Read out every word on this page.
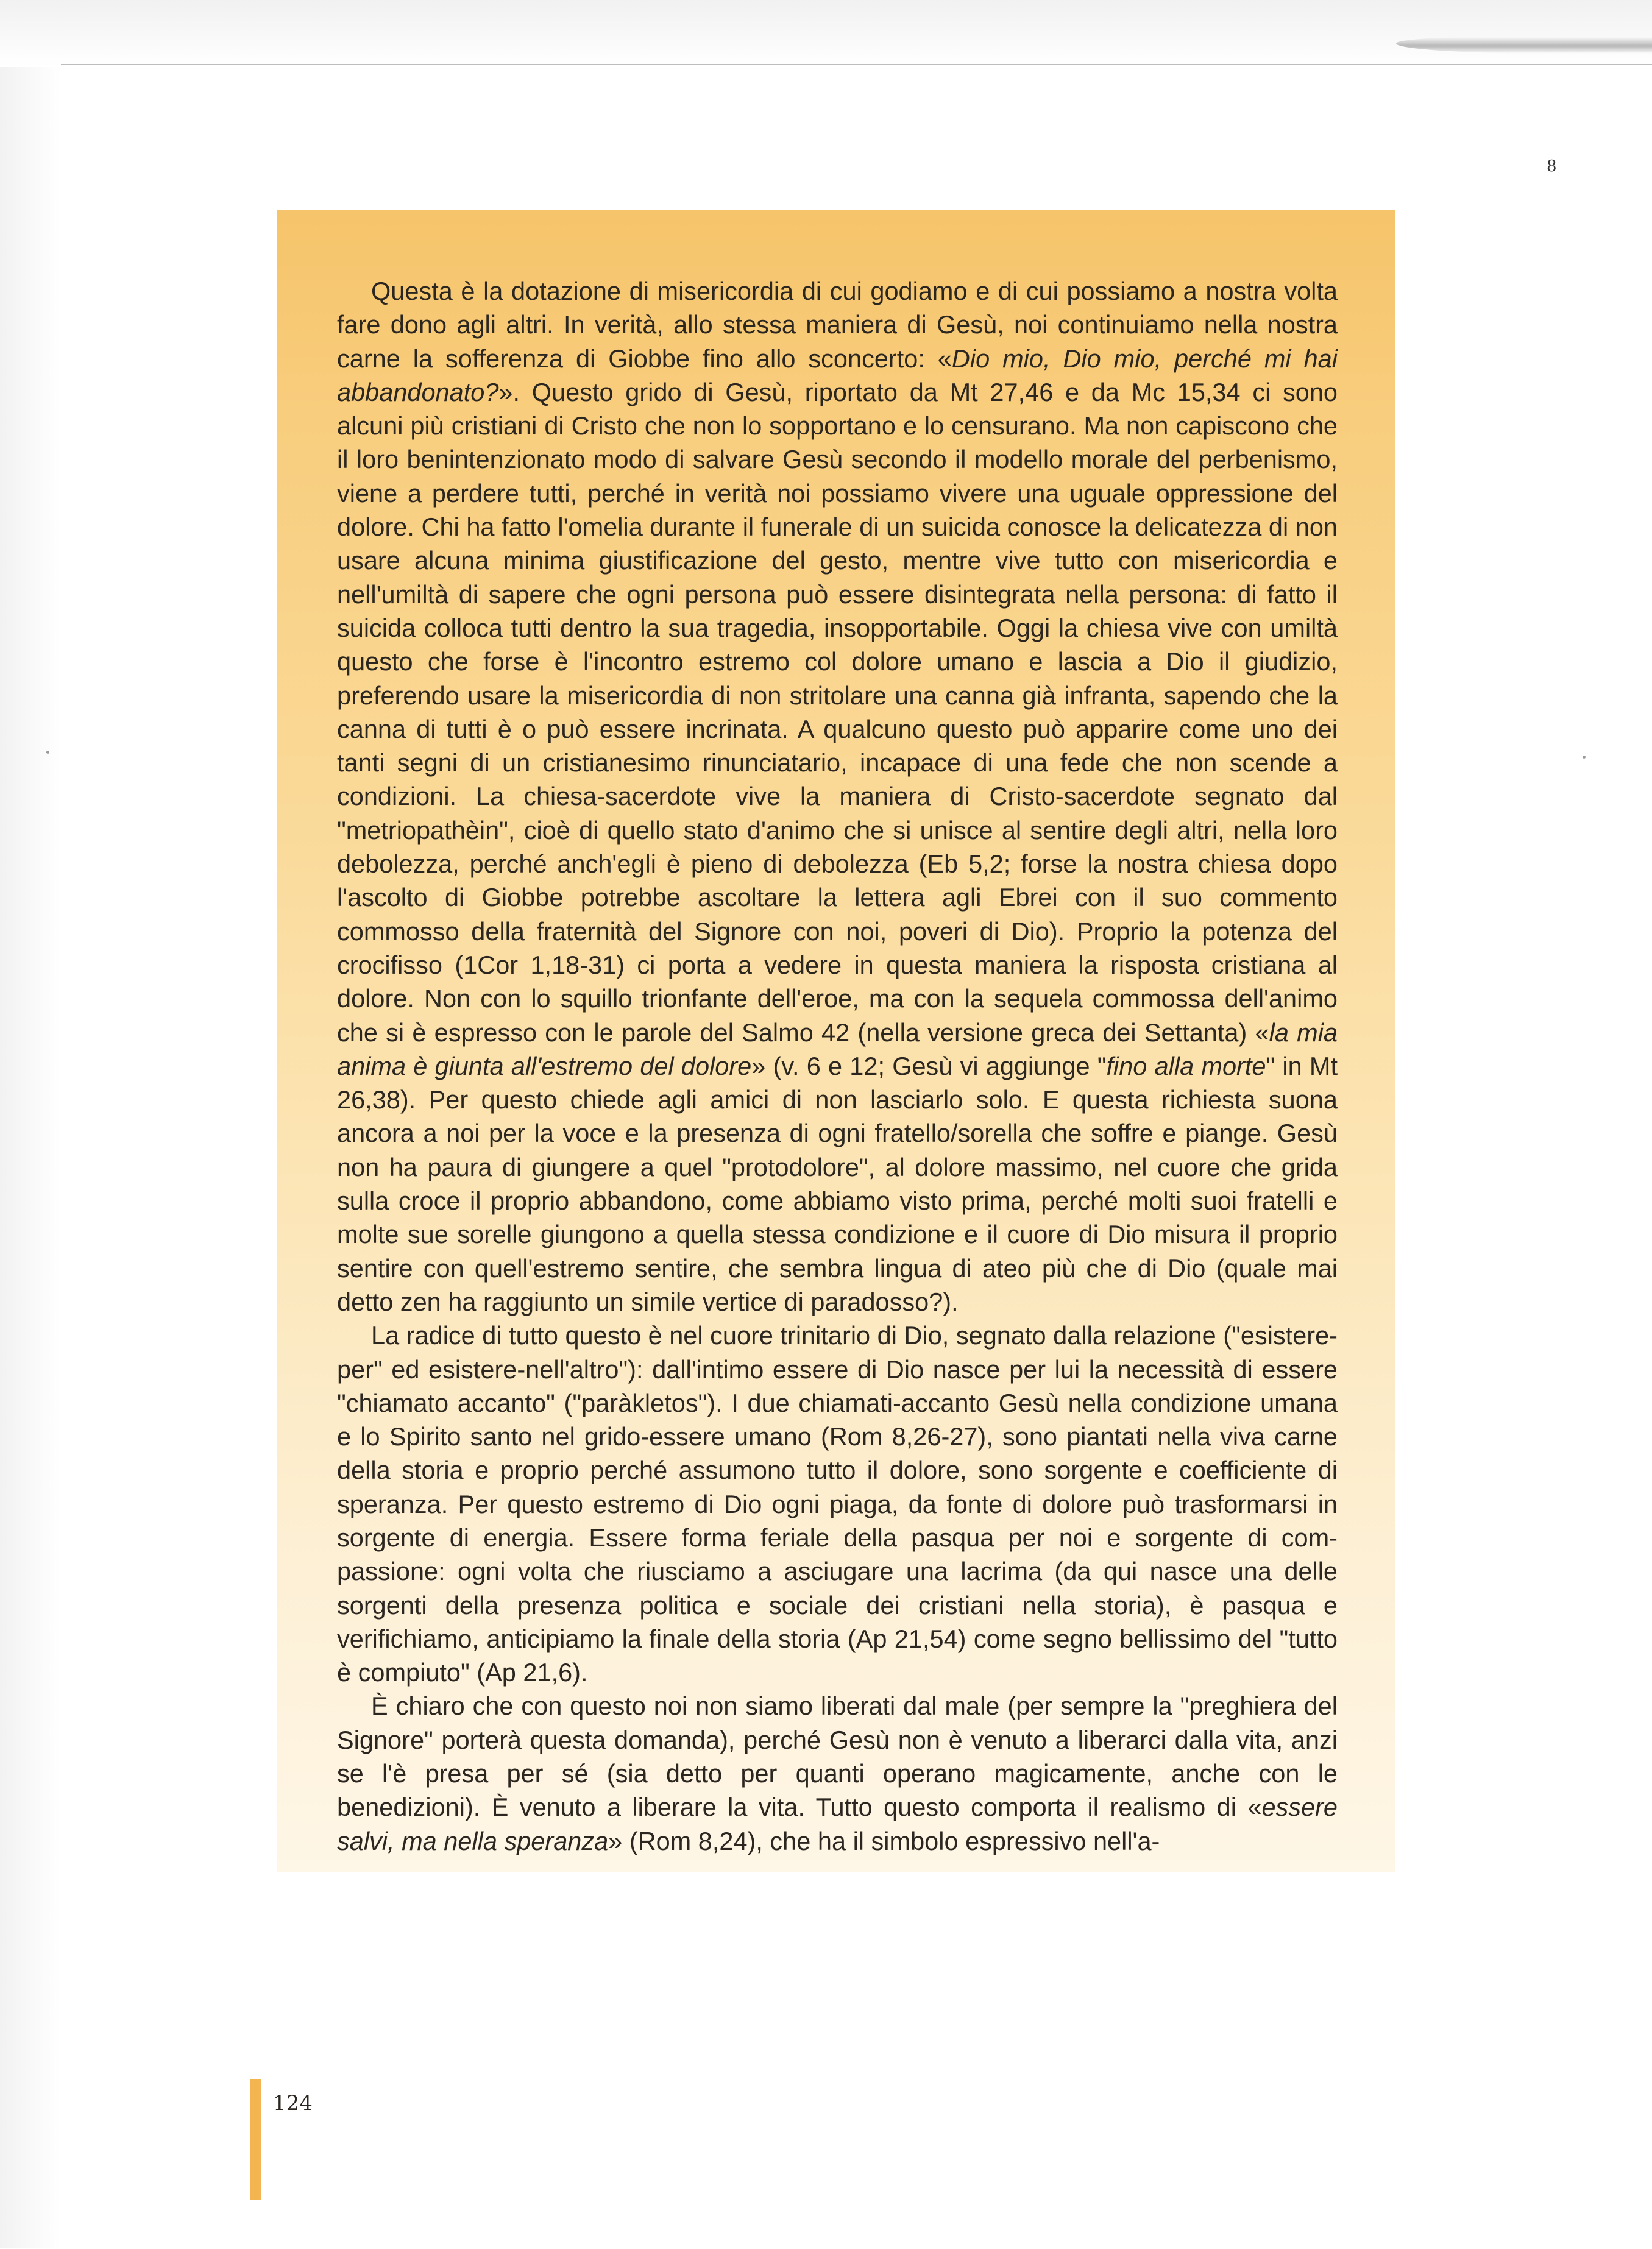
8

Questa è la dotazione di misericordia di cui godiamo e di cui possiamo a nostra volta fare dono agli altri. In verità, allo stessa maniera di Gesù, noi continuiamo nella nostra carne la sofferenza di Giobbe fino allo sconcerto: «Dio mio, Dio mio, perché mi hai abbandonato?». Questo grido di Gesù, riportato da Mt 27,46 e da Mc 15,34 ci sono alcuni più cristiani di Cristo che non lo sopportano e lo censurano. Ma non capiscono che il loro benintenzionato modo di salvare Gesù secondo il modello morale del perbenismo, viene a perdere tutti, perché in verità noi possiamo vivere una uguale oppressione del dolore. Chi ha fatto l'omelia durante il funerale di un suicida conosce la delicatezza di non usare alcuna minima giustificazione del gesto, mentre vive tutto con misericordia e nell'umiltà di sapere che ogni persona può essere disintegrata nella persona: di fatto il suicida colloca tutti dentro la sua tragedia, insopportabile. Oggi la chiesa vive con umiltà questo che forse è l'incontro estremo col dolore umano e lascia a Dio il giudizio, preferendo usare la misericordia di non stritolare una canna già infranta, sapendo che la canna di tutti è o può essere incrinata. A qualcuno questo può apparire come uno dei tanti segni di un cristianesimo rinunciatario, incapace di una fede che non scende a condizioni. La chiesa-sacerdote vive la maniera di Cristo-sacerdote segnato dal "metriopathèin", cioè di quello stato d'animo che si unisce al sentire degli altri, nella loro debolezza, perché anch'egli è pieno di debolezza (Eb 5,2; forse la nostra chiesa dopo l'ascolto di Giobbe potrebbe ascoltare la lettera agli Ebrei con il suo commento commosso della fraternità del Signore con noi, poveri di Dio). Proprio la potenza del crocifisso (1Cor 1,18-31) ci porta a vedere in questa maniera la risposta cristiana al dolore. Non con lo squillo trionfante dell'eroe, ma con la sequela commossa dell'animo che si è espresso con le parole del Salmo 42 (nella versione greca dei Settanta) «la mia anima è giunta all'estremo del dolore» (v. 6 e 12; Gesù vi aggiunge "fino alla morte" in Mt 26,38). Per questo chiede agli amici di non lasciarlo solo. E questa richiesta suona ancora a noi per la voce e la presenza di ogni fratello/sorella che soffre e piange. Gesù non ha paura di giungere a quel "protodolore", al dolore massimo, nel cuore che grida sulla croce il proprio abbandono, come abbiamo visto prima, perché molti suoi fratelli e molte sue sorelle giungono a quella stessa condizione e il cuore di Dio misura il proprio sentire con quell'estremo sentire, che sembra lingua di ateo più che di Dio (quale mai detto zen ha raggiunto un simile vertice di paradosso?).

La radice di tutto questo è nel cuore trinitario di Dio, segnato dalla relazione ("esistere-per" ed esistere-nell'altro"): dall'intimo essere di Dio nasce per lui la necessità di essere "chiamato accanto" ("paràkletos"). I due chiamati-accanto Gesù nella condizione umana e lo Spirito santo nel grido-essere umano (Rom 8,26-27), sono piantati nella viva carne della storia e proprio perché assumono tutto il dolore, sono sorgente e coefficiente di speranza. Per questo estremo di Dio ogni piaga, da fonte di dolore può trasformarsi in sorgente di energia. Essere forma feriale della pasqua per noi e sorgente di com-passione: ogni volta che riusciamo a asciugare una lacrima (da qui nasce una delle sorgenti della presenza politica e sociale dei cristiani nella storia), è pasqua e verifichiamo, anticipiamo la finale della storia (Ap 21,54) come segno bellissimo del "tutto è compiuto" (Ap 21,6).

È chiaro che con questo noi non siamo liberati dal male (per sempre la "preghiera del Signore" porterà questa domanda), perché Gesù non è venuto a liberarci dalla vita, anzi se l'è presa per sé (sia detto per quanti operano magicamente, anche con le benedizioni). È venuto a liberare la vita. Tutto questo comporta il realismo di «essere salvi, ma nella speranza» (Rom 8,24), che ha il simbolo espressivo nell'a-

124
